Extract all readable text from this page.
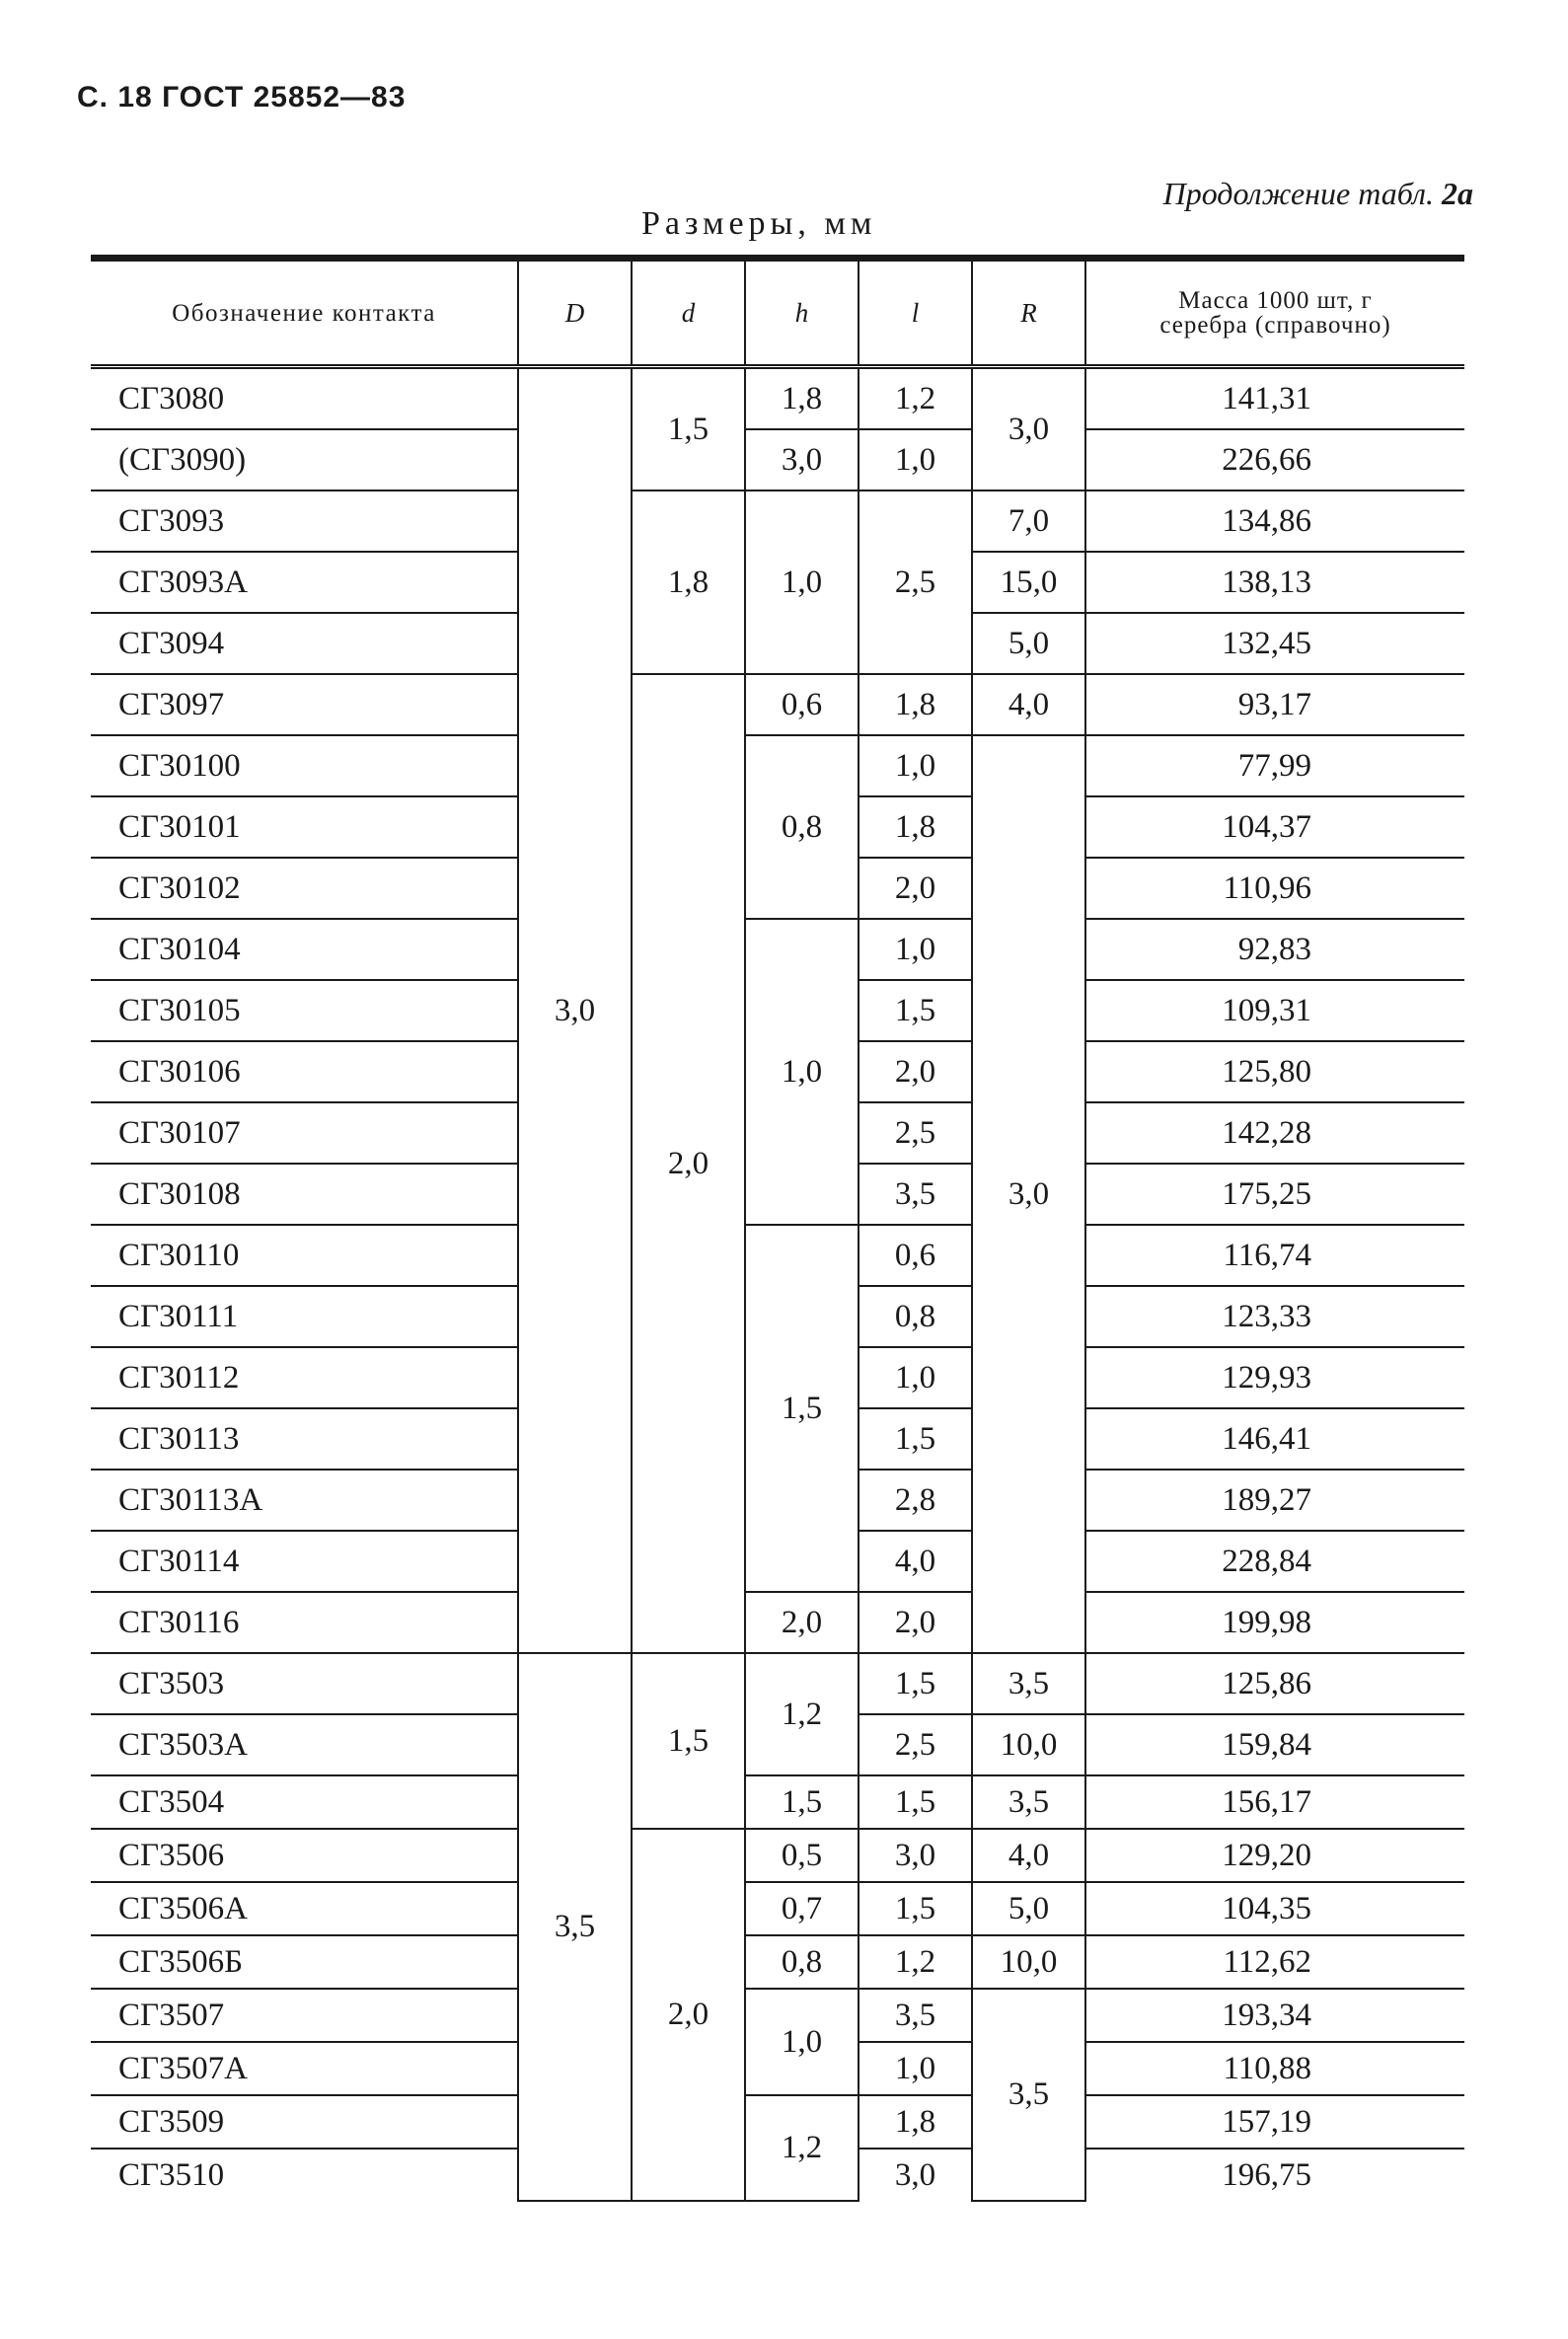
С. 18 ГОСТ 25852—83
Продолжение табл. 2а
Размеры, мм
Обозначение контакта	D	d	h	l	R	Масса 1000 шт, г
серебра (справочно)

СГ3080	3,0	1,5	1,8	1,2	3,0	141,31
(СГ3090)			3,0	1,0		226,66
СГ3093		1,8	1,0	2,5	7,0	134,86
СГ3093А					15,0	138,13
СГ3094					5,0	132,45
СГ3097		2,0	0,6	1,8	4,0	93,17
СГ30100			0,8	1,0	3,0	77,99
СГ30101				1,8		104,37
СГ30102				2,0		110,96
СГ30104			1,0	1,0		92,83
СГ30105				1,5		109,31
СГ30106				2,0		125,80
СГ30107				2,5		142,28
СГ30108				3,5		175,25
СГ30110			1,5	0,6		116,74
СГ30111				0,8		123,33
СГ30112				1,0		129,93
СГ30113				1,5		146,41
СГ30113А				2,8		189,27
СГ30114				4,0		228,84
СГ30116			2,0	2,0		199,98
СГ3503	3,5	1,5	1,2	1,5	3,5	125,86
СГ3503А				2,5	10,0	159,84
СГ3504			1,5	1,5	3,5	156,17
СГ3506		2,0	0,5	3,0	4,0	129,20
СГ3506А			0,7	1,5	5,0	104,35
СГ3506Б			0,8	1,2	10,0	112,62
СГ3507			1,0	3,5	3,5	193,34
СГ3507А				1,0		110,88
СГ3509			1,2	1,8		157,19
СГ3510				3,0		196,75
